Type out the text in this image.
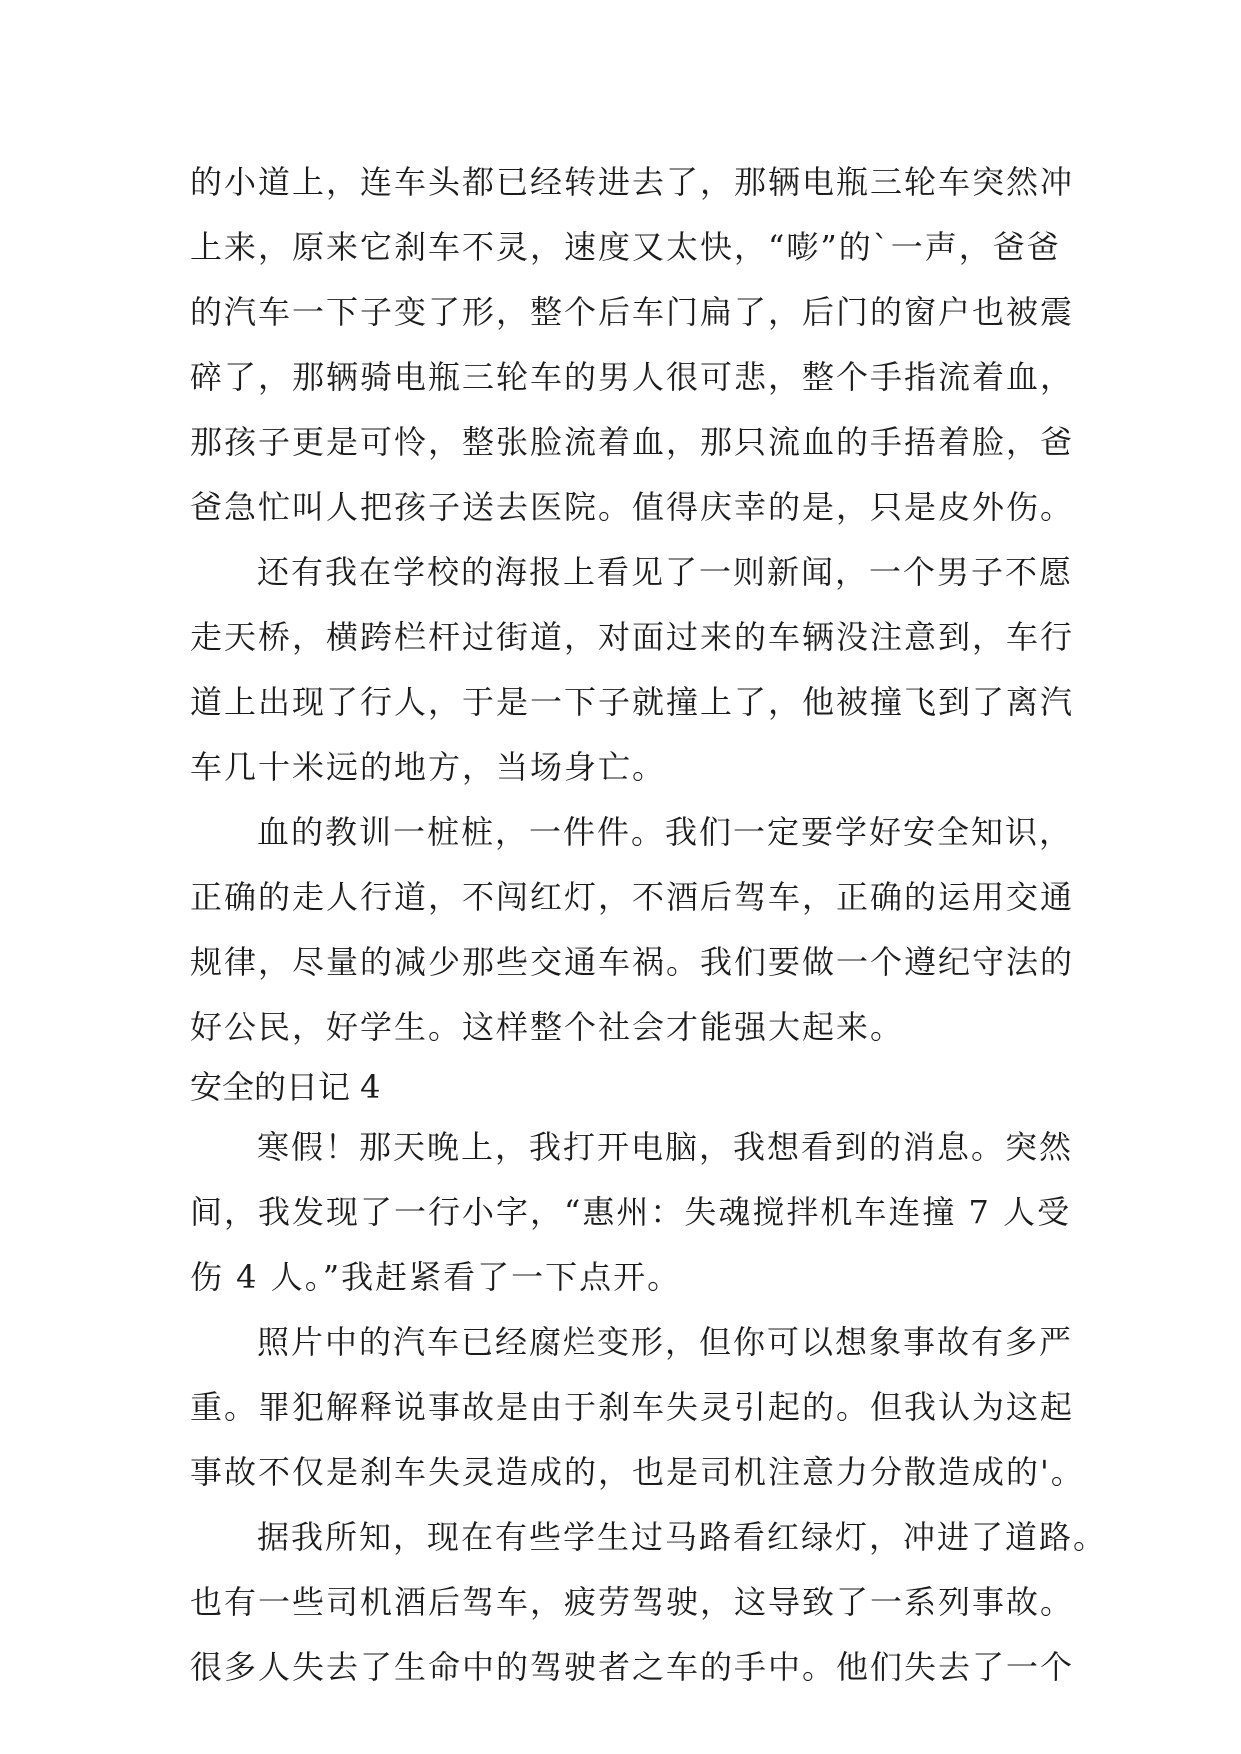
的小道上，连车头都已经转进去了，那辆电瓶三轮车突然冲
上来，原来它刹车不灵，速度又太快，“嘭”的`一声，爸爸
的汽车一下子变了形，整个后车门扁了，后门的窗户也被震
碎了，那辆骑电瓶三轮车的男人很可悲，整个手指流着血，
那孩子更是可怜，整张脸流着血，那只流血的手捂着脸，爸
爸急忙叫人把孩子送去医院。值得庆幸的是，只是皮外伤。
还有我在学校的海报上看见了一则新闻，一个男子不愿
走天桥，横跨栏杆过街道，对面过来的车辆没注意到，车行
道上出现了行人，于是一下子就撞上了，他被撞飞到了离汽
车几十米远的地方，当场身亡。
血的教训一桩桩，一件件。我们一定要学好安全知识，
正确的走人行道，不闯红灯，不酒后驾车，正确的运用交通
规律，尽量的减少那些交通车祸。我们要做一个遵纪守法的
好公民，好学生。这样整个社会才能强大起来。
安全的日记 4
寒假！那天晚上，我打开电脑，我想看到的消息。突然
间，我发现了一行小字，“惠州：失魂搅拌机车连撞 7 人受
伤 4 人。”我赶紧看了一下点开。
照片中的汽车已经腐烂变形，但你可以想象事故有多严
重。罪犯解释说事故是由于刹车失灵引起的。但我认为这起
事故不仅是刹车失灵造成的，也是司机注意力分散造成的'。
据我所知，现在有些学生过马路看红绿灯，冲进了道路。
也有一些司机酒后驾车，疲劳驾驶，这导致了一系列事故。
很多人失去了生命中的驾驶者之车的手中。他们失去了一个
